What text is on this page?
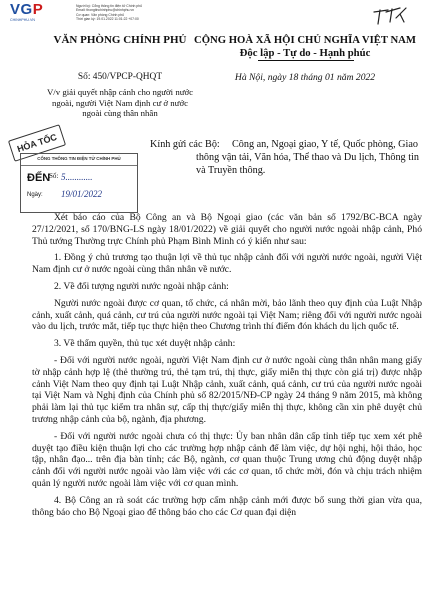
VGP
CHINHPHU.VN
Người ký: Cổng thông tin điện tử Chính phủ
Email: thongtinchinhphu@chinhphu.vn
Cơ quan: Văn phòng Chính phủ
Thời gian ký: 19.01.2022 11:01:22 +07:00
VĂN PHÒNG CHÍNH PHỦ CỘNG HOÀ XÃ HỘI CHỦ NGHĨA VIỆT NAM
Độc lập - Tự do - Hạnh phúc
Số: 450/VPCP-QHQT	Hà Nội, ngày 18 tháng 01 năm 2022
V/v giải quyết nhập cảnh cho người nước ngoài, người Việt Nam định cư ở nước ngoài cùng thân nhân
HỎA TỐC
CỔNG THÔNG TIN ĐIỆN TỬ CHÍNH PHỦ
ĐẾN
Số: 5............
Ngày: 19/01/2022
Kính gửi các Bộ:	Công an, Ngoại giao, Y tế, Quốc phòng, Giao thông vận tải, Văn hóa, Thể thao và Du lịch, Thông tin và Truyền thông.

Xét báo cáo của Bộ Công an và Bộ Ngoại giao (các văn bản số 1792/BC-BCA ngày 27/12/2021, số 170/BNG-LS ngày 18/01/2022) về giải quyết cho người nước ngoài nhập cảnh, Phó Thủ tướng Thường trực Chính phủ Phạm Bình Minh có ý kiến như sau:

1. Đồng ý chủ trương tạo thuận lợi về thủ tục nhập cảnh đối với người nước ngoài, người Việt Nam định cư ở nước ngoài cùng thân nhân về nước.

2. Về đối tượng người nước ngoài nhập cảnh:

Người nước ngoài được cơ quan, tổ chức, cá nhân mời, bảo lãnh theo quy định của Luật Nhập cảnh, xuất cảnh, quá cảnh, cư trú của người nước ngoài tại Việt Nam; riêng đối với người nước ngoài vào du lịch, trước mắt, tiếp tục thực hiện theo Chương trình thí điểm đón khách du lịch quốc tế.

3. Về thẩm quyền, thủ tục xét duyệt nhập cảnh:

- Đối với người nước ngoài, người Việt Nam định cư ở nước ngoài cùng thân nhân mang giấy tờ nhập cảnh hợp lệ (thẻ thường trú, thẻ tạm trú, thị thực, giấy miễn thị thực còn giá trị) được nhập cảnh Việt Nam theo quy định tại Luật Nhập cảnh, xuất cảnh, quá cảnh, cư trú của người nước ngoài tại Việt Nam và Nghị định của Chính phủ số 82/2015/NĐ-CP ngày 24 tháng 9 năm 2015, mà không phải làm lại thủ tục kiểm tra nhân sự, cấp thị thực/giấy miễn thị thực, không cần xin phê duyệt chủ trương nhập cảnh của bộ, ngành, địa phương.

- Đối với người nước ngoài chưa có thị thực: Ủy ban nhân dân cấp tỉnh tiếp tục xem xét phê duyệt tạo điều kiện thuận lợi cho các trường hợp nhập cảnh để làm việc, dự hội nghị, hội thảo, học tập, nhân đạo... trên địa bàn tỉnh; các Bộ, ngành, cơ quan thuộc Trung ương chủ động duyệt nhập cảnh đối với người nước ngoài vào làm việc với các cơ quan, tổ chức mời, đón và chịu trách nhiệm quản lý người nước ngoài làm việc với cơ quan mình.

4. Bộ Công an rà soát các trường hợp cấm nhập cảnh mới được bổ sung thời gian vừa qua, thông báo cho Bộ Ngoại giao để thông báo cho các Cơ quan đại diện
